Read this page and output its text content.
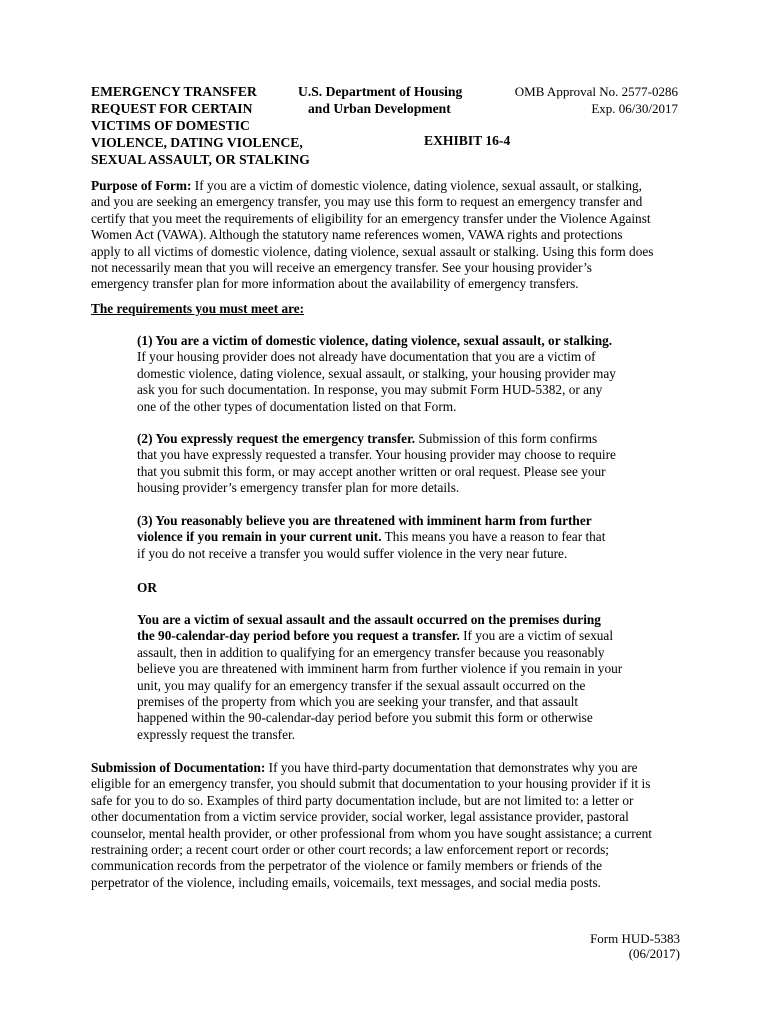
EMERGENCY TRANSFER
REQUEST FOR CERTAIN
VICTIMS OF DOMESTIC
VIOLENCE, DATING VIOLENCE,
SEXUAL ASSAULT, OR STALKING
U.S. Department of Housing
and Urban Development
OMB Approval No. 2577-0286
Exp. 06/30/2017
EXHIBIT 16-4
Purpose of Form: If you are a victim of domestic violence, dating violence, sexual assault, or stalking,
and you are seeking an emergency transfer, you may use this form to request an emergency transfer and
certify that you meet the requirements of eligibility for an emergency transfer under the Violence Against
Women Act (VAWA). Although the statutory name references women, VAWA rights and protections
apply to all victims of domestic violence, dating violence, sexual assault or stalking. Using this form does
not necessarily mean that you will receive an emergency transfer. See your housing provider’s
emergency transfer plan for more information about the availability of emergency transfers.
The requirements you must meet are:
(1) You are a victim of domestic violence, dating violence, sexual assault, or stalking.
If your housing provider does not already have documentation that you are a victim of
domestic violence, dating violence, sexual assault, or stalking, your housing provider may
ask you for such documentation. In response, you may submit Form HUD-5382, or any
one of the other types of documentation listed on that Form.
(2) You expressly request the emergency transfer. Submission of this form confirms
that you have expressly requested a transfer. Your housing provider may choose to require
that you submit this form, or may accept another written or oral request. Please see your
housing provider’s emergency transfer plan for more details.
(3) You reasonably believe you are threatened with imminent harm from further
violence if you remain in your current unit. This means you have a reason to fear that
if you do not receive a transfer you would suffer violence in the very near future.
OR
You are a victim of sexual assault and the assault occurred on the premises during
the 90-calendar-day period before you request a transfer. If you are a victim of sexual
assault, then in addition to qualifying for an emergency transfer because you reasonably
believe you are threatened with imminent harm from further violence if you remain in your
unit, you may qualify for an emergency transfer if the sexual assault occurred on the
premises of the property from which you are seeking your transfer, and that assault
happened within the 90-calendar-day period before you submit this form or otherwise
expressly request the transfer.
Submission of Documentation: If you have third-party documentation that demonstrates why you are
eligible for an emergency transfer, you should submit that documentation to your housing provider if it is
safe for you to do so. Examples of third party documentation include, but are not limited to: a letter or
other documentation from a victim service provider, social worker, legal assistance provider, pastoral
counselor, mental health provider, or other professional from whom you have sought assistance; a current
restraining order; a recent court order or other court records; a law enforcement report or records;
communication records from the perpetrator of the violence or family members or friends of the
perpetrator of the violence, including emails, voicemails, text messages, and social media posts.
Form HUD-5383
(06/2017)
